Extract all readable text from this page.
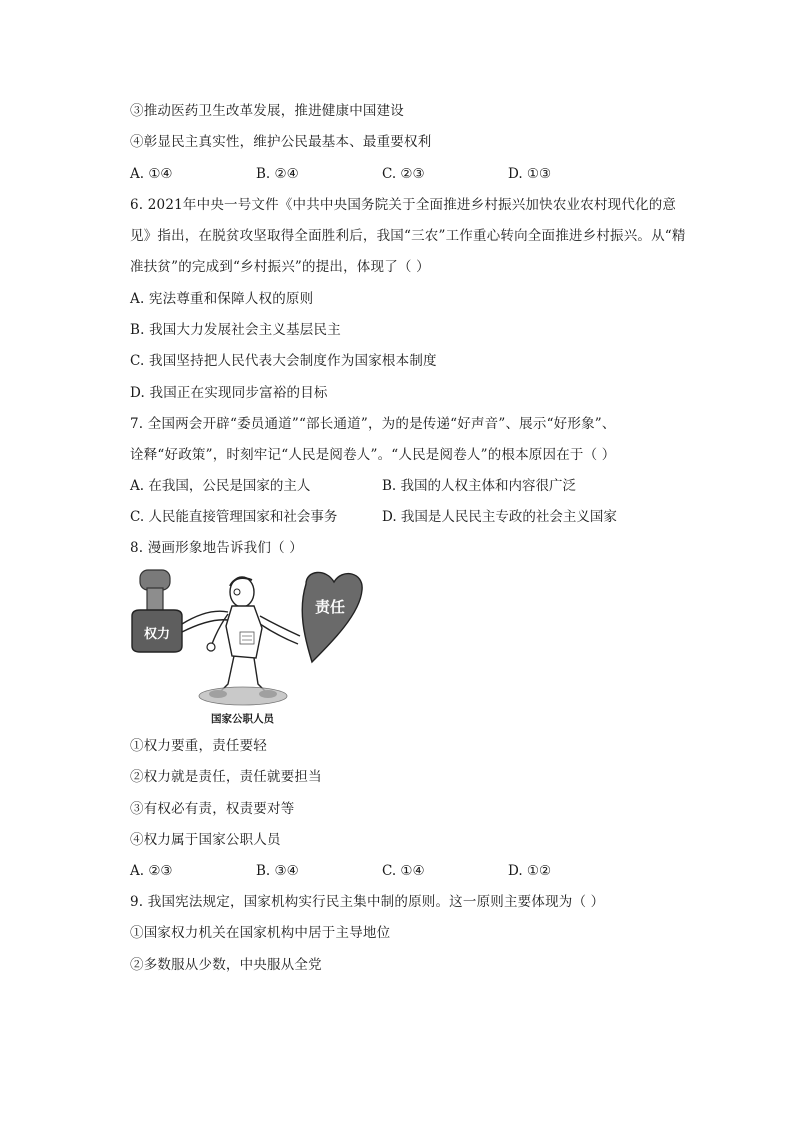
③推动医药卫生改革发展，推进健康中国建设
④彰显民主真实性，维护公民最基本、最重要权利
A. ①④	B. ②④	C. ②③	D. ①③
6. 2021年中央一号文件《中共中央国务院关于全面推进乡村振兴加快农业农村现代化的意
见》指出，在脱贫攻坚取得全面胜利后，我国“三农”工作重心转向全面推进乡村振兴。从“精
准扶贫”的完成到“乡村振兴”的提出，体现了（ ）
A. 宪法尊重和保障人权的原则
B. 我国大力发展社会主义基层民主
C. 我国坚持把人民代表大会制度作为国家根本制度
D. 我国正在实现同步富裕的目标
7. 全国两会开辟“委员通道”“部长通道”，为的是传递“好声音”、展示“好形象”、
诠释“好政策”，时刻牢记“人民是阅卷人”。“人民是阅卷人”的根本原因在于（ ）
A. 在我国，公民是国家的主人	B. 我国的人权主体和内容很广泛
C. 人民能直接管理国家和社会事务	D. 我国是人民民主专政的社会主义国家
8. 漫画形象地告诉我们（ ）
权力
责任
国家公职人员
①权力要重，责任要轻
②权力就是责任，责任就要担当
③有权必有责，权责要对等
④权力属于国家公职人员
A. ②③	B. ③④	C. ①④	D. ①②
9. 我国宪法规定，国家机构实行民主集中制的原则。这一原则主要体现为（ ）
①国家权力机关在国家机构中居于主导地位
②多数服从少数，中央服从全党
